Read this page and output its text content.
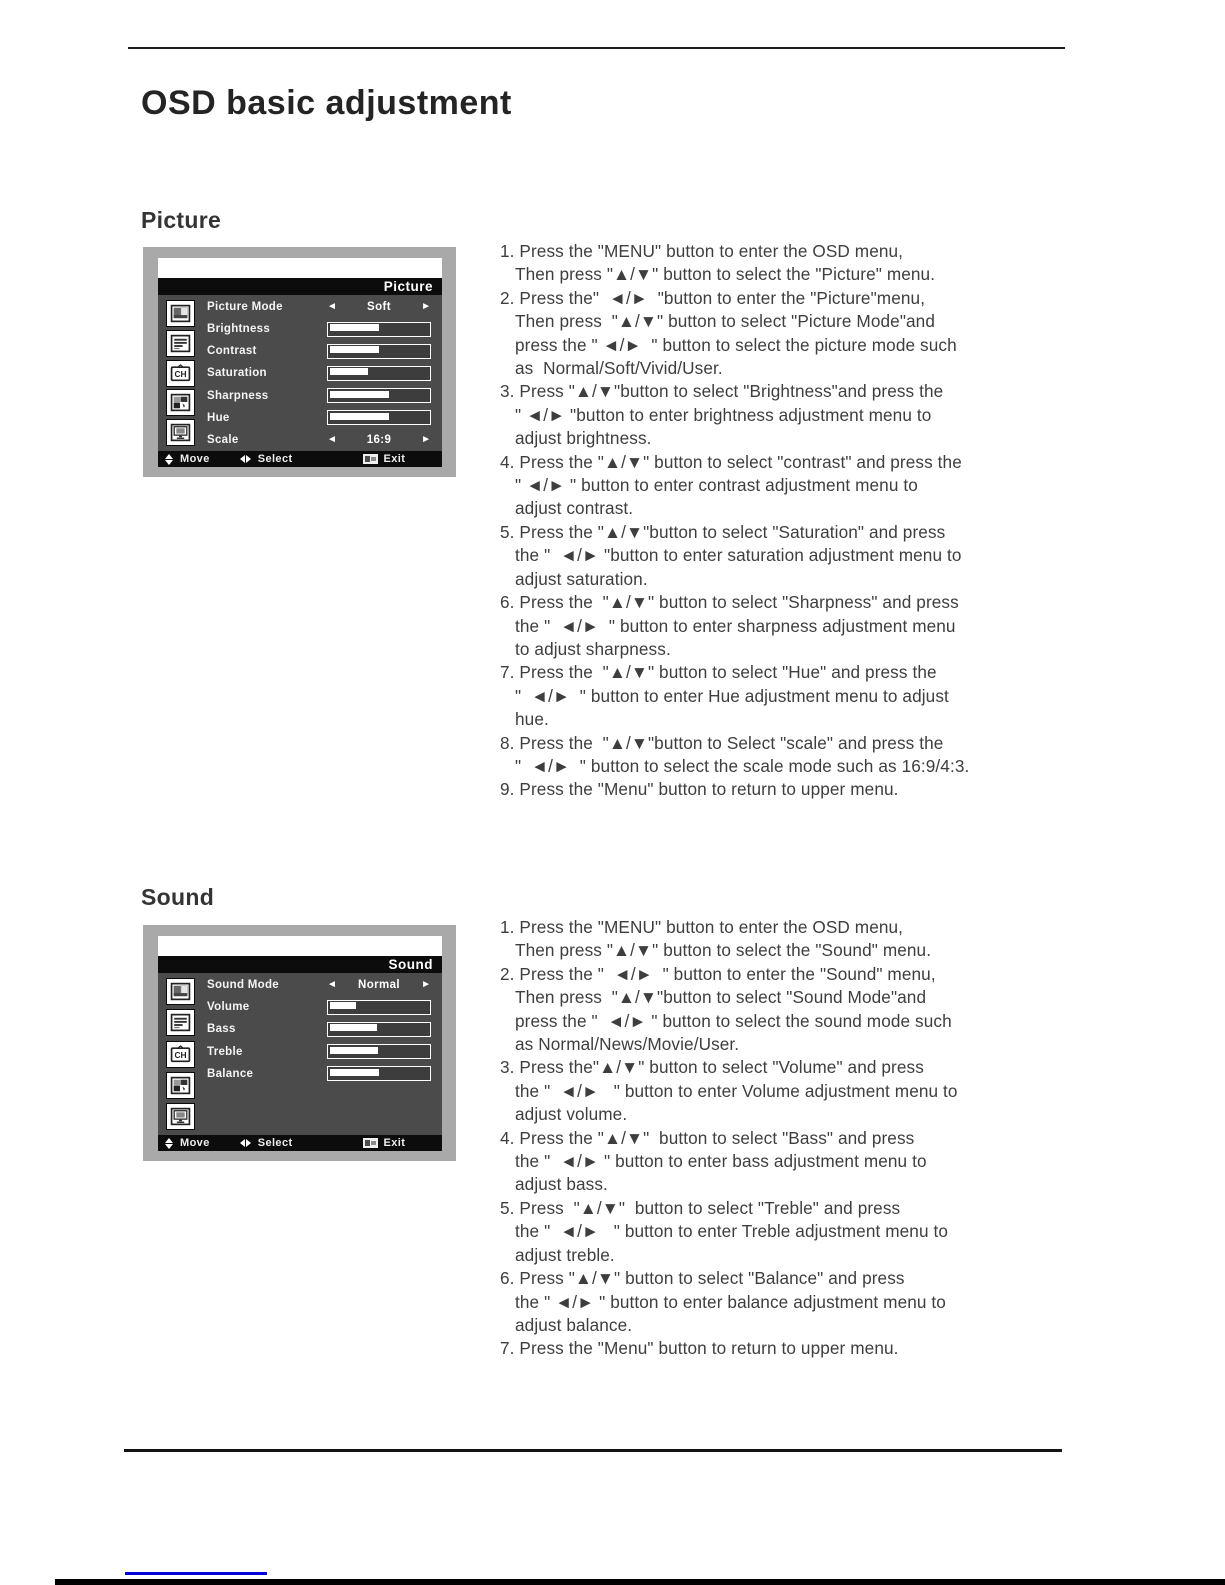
OSD basic adjustment
Picture
Picture
CH
Picture Mode	◄	Soft	►
Brightness
Contrast
Saturation
Sharpness
Hue
Scale	◄	16:9	►
Move	Select	Exit
1. Press the "MENU" button to enter the OSD menu,
Then press "▲/▼" button to select the "Picture" menu.
2. Press the"  ◄/►  "button to enter the "Picture"menu,
Then press  "▲/▼" button to select "Picture Mode"and
press the " ◄/►  " button to select the picture mode such
as  Normal/Soft/Vivid/User.
3. Press "▲/▼"button to select "Brightness"and press the
" ◄/► "button to enter brightness adjustment menu to
adjust brightness.
4. Press the "▲/▼" button to select "contrast" and press the
" ◄/► " button to enter contrast adjustment menu to
adjust contrast.
5. Press the "▲/▼"button to select "Saturation" and press
the "  ◄/► "button to enter saturation adjustment menu to
adjust saturation.
6. Press the  "▲/▼" button to select "Sharpness" and press
the "  ◄/►  " button to enter sharpness adjustment menu
to adjust sharpness.
7. Press the  "▲/▼" button to select "Hue" and press the
"  ◄/►  " button to enter Hue adjustment menu to adjust
hue.
8. Press the  "▲/▼"button to Select "scale" and press the
"  ◄/►  " button to select the scale mode such as 16:9/4:3.
9. Press the "Menu" button to return to upper menu.
Sound
Sound
CH
Sound Mode	◄ Normal ►
Volume
Bass
Treble
Balance
Move	Select	Exit
1. Press the "MENU" button to enter the OSD menu,
Then press "▲/▼" button to select the "Sound" menu.
2. Press the "  ◄/►  " button to enter the "Sound" menu,
Then press  "▲/▼"button to select "Sound Mode"and
press the "  ◄/► " button to select the sound mode such
as Normal/News/Movie/User.
3. Press the"▲/▼" button to select "Volume" and press
the "  ◄/►   " button to enter Volume adjustment menu to
adjust volume.
4. Press the "▲/▼"  button to select "Bass" and press
the "  ◄/► " button to enter bass adjustment menu to
adjust bass.
5. Press  "▲/▼"  button to select "Treble" and press
the "  ◄/►   " button to enter Treble adjustment menu to
adjust treble.
6. Press "▲/▼" button to select "Balance" and press
the " ◄/► " button to enter balance adjustment menu to
adjust balance.
7. Press the "Menu" button to return to upper menu.
